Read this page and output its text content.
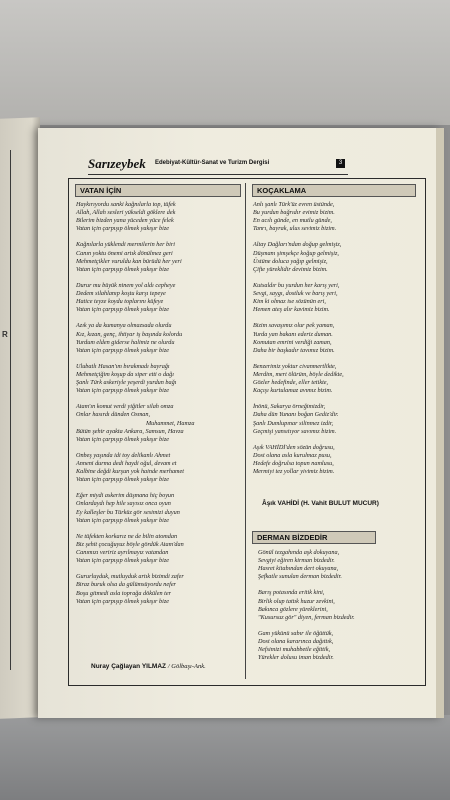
R
Sarızeybek Edebiyat-Kültür-Sanat ve Turizm Dergisi	3
VATAN İÇİN
Haykırıyordu sanki kağnılarla top, tüfek
Allah, Allah sesleri yükseldi göklere dek
Bilerim bizden yana yüceden yüce felek
Vatan için çarpışıp ölmek yakışır bize
Kağnılarla yüklendi mermilerin her biri
Canın yoktu önemi artık dönülmez geri
Mehmetçikler vuruldu kan bürüdü her yeri
Vatan için çarpışıp ölmek yakışır bize
Durur mu büyük ninem yol aldı cepheye
Dedem silahlanıp koştu karşı tepeye
Hatice teyze koydu toplarını küfeye
Vatan için çarpışıp ölmek yakışır bize
Azık ya da kumanya olmazsada olurdu
Kız, kızan, genç, ihtiyar iş başında kolordu
Yurdum elden giderse halimiz ne olurdu
Vatan için çarpışıp ölmek yakışır bize
Ulubatlı Hasan'ım bırakmadı bayrağı
Mehmetçiğim koşup da siper etti o dağı
Şanlı Türk askeriyle yeşerdi yurdun bağı
Vatan için çarpışıp ölmek yakışır bize
Atam'ın komut verdi yiğitler silah omza
Onlar hasırdı dünden Osman,
Muhammet, Hamza
Bütün şehir ayakta Ankara, Samsun, Havza
Vatan için çarpışıp ölmek yakışır bize
Onbeş yaşında idi toy delikanlı Ahmet
Anneni durma dedi haydi oğul, devam et
Kalbine değdi kurşun yok hainde merhamet
Vatan için çarpışıp ölmek yakışır bize
Eğer miydi askerim düşmana hiç boyun
Onlardaydı hep hile sayısız onca oyun
Ey kalleşler bu Türküz gör sesimizi duyun
Vatan için çarpışıp ölmek yakışır bize
Ne tüfekten korkarız ne de bilin atomdan
Biz şehit çocuğuyuz böyle gördük Atam'dan
Canımızı veririz ayrılmayız vatandan
Vatan için çarpışıp ölmek yakışır bize
Gururluyduk, mutluyduk artık bizimdi zafer
Biraz buruk olsa da gülümsüyordu nefer
Boşu gitmedi asla toprağa dökülen ter
Vatan için çarpışıp ölmek yakışır bize
Nuray Çağlayan YILMAZ / Gölbaşı-Ank.
KOÇAKLAMA
Anlı şanlı Türk'üz evren üstünde,
Bu yurdun bağrıdır evimiz bizim.
En acılı günde, en mutlu günde,
Tanrı, bayrak, ulus sevimiz bizim.
Altay Dağları'ndan doğup gelmişiz,
Düşmanı şimşekçe koğup gelmişiz,
Üstüne doluca yağıp gelmişiz,
Çifte yüreklidir devimiz bizim.
Kutsaldır bu yurdun her karış yeri,
Sevgi, saygı, dostluk ve barış yeri,
Kim ki olmaz ise sözünün eri,
Hemen ateş alır kavimiz bizim.
Bizim savaşımız olur pek yaman,
Yurda yan bakanı ederiz duman.
Komutan emrini verdiği zaman,
Daha bir başkadır tavımız bizim.
Benzerimiz yoktur civanmertlikte,
Merdim, mert ölürüm, böyle dedikte,
Gözler hedefinde, eller tetikte,
Kaçışı kurtulamaz avımız bizim.
İnönü, Sakarya örneğimizdir,
Daha dün Yunanı boğan Gediz'dir.
Şanlı Dumlupınar silinmez izdir,
Geçmişi yansıtıyor savımız bizim.
Aşık VAHİDİ'den sözün doğrusu,
Dost olana asla kurulmaz pusu,
Hedefe doğrulsa topun namlusu,
Mermiyi tez yollar yivimiz bizim.
Âşık VAHİDİ (H. Vahit BULUT MUCUR)
DERMAN BİZDEDİR
Gönül tezgahında aşk dokuyana,
Sevgiyi eğiren kirman bizdedir.
Hasret kitabından dert okuyana,
Şefkatle sunulan derman bizdedir.
Barış potasında eritik kini,
Birlik olup tattık huzur zevkini,
Bakınca gözlere yüreklerini,
"Kusursuz gör" diyen, ferman bizdedir.
Gam yükünü sabır ile öğüttük,
Dost olana kararınca dağıttık,
Nefsimizi muhabbetle eğittik,
Yürekler dolusu iman bizdedir.
